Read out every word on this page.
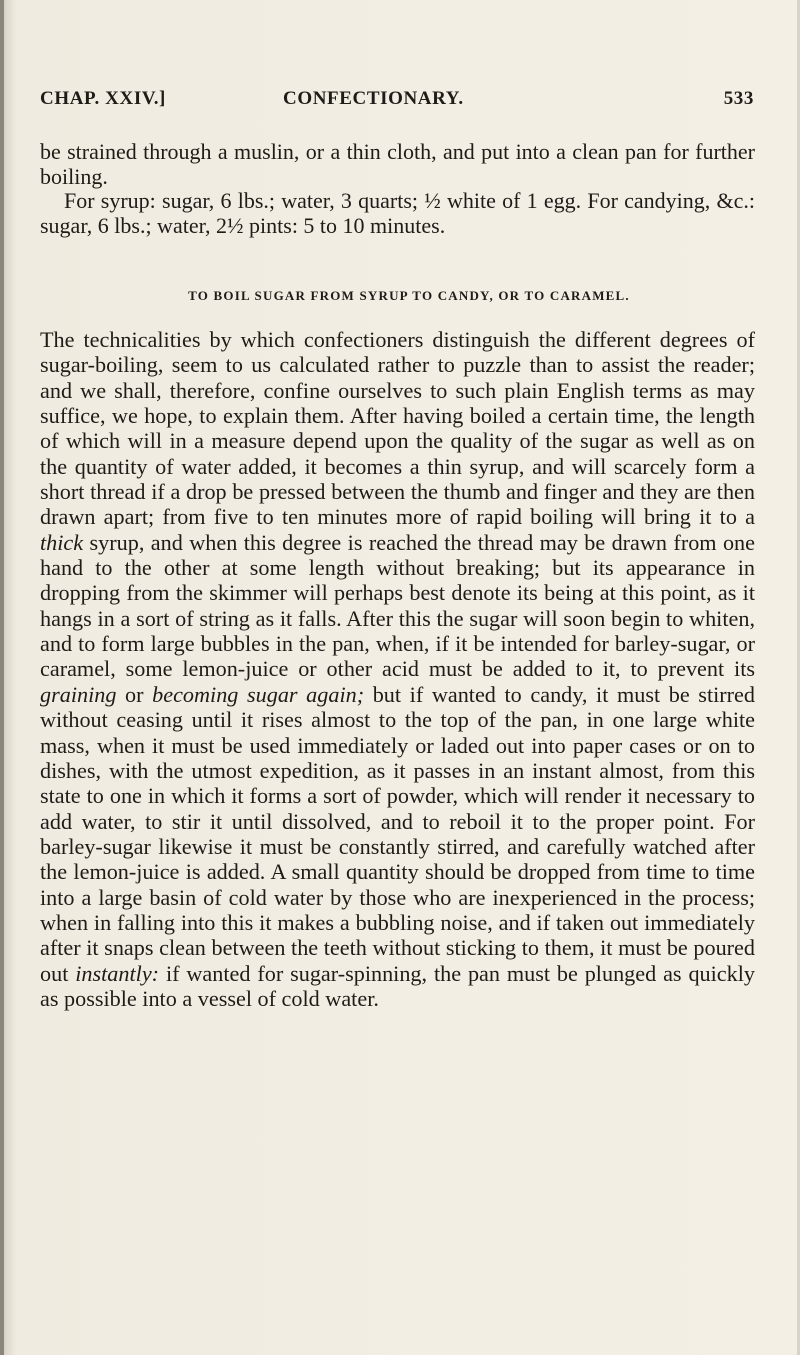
CHAP. XXIV.]	CONFECTIONARY.	533
be strained through a muslin, or a thin cloth, and put into a clean pan for further boiling.
For syrup: sugar, 6 lbs.; water, 3 quarts; ½ white of 1 egg. For candying, &c.: sugar, 6 lbs.; water, 2½ pints: 5 to 10 minutes.
TO BOIL SUGAR FROM SYRUP TO CANDY, OR TO CARAMEL.
The technicalities by which confectioners distinguish the different degrees of sugar-boiling, seem to us calculated rather to puzzle than to assist the reader; and we shall, therefore, confine ourselves to such plain English terms as may suffice, we hope, to explain them. After having boiled a certain time, the length of which will in a measure depend upon the quality of the sugar as well as on the quantity of water added, it becomes a thin syrup, and will scarcely form a short thread if a drop be pressed between the thumb and finger and they are then drawn apart; from five to ten minutes more of rapid boiling will bring it to a thick syrup, and when this degree is reached the thread may be drawn from one hand to the other at some length without breaking; but its appearance in dropping from the skimmer will perhaps best denote its being at this point, as it hangs in a sort of string as it falls. After this the sugar will soon begin to whiten, and to form large bubbles in the pan, when, if it be intended for barley-sugar, or caramel, some lemon-juice or other acid must be added to it, to prevent its graining or becoming sugar again; but if wanted to candy, it must be stirred without ceasing until it rises almost to the top of the pan, in one large white mass, when it must be used immediately or laded out into paper cases or on to dishes, with the utmost expedition, as it passes in an instant almost, from this state to one in which it forms a sort of powder, which will render it necessary to add water, to stir it until dissolved, and to reboil it to the proper point. For barley-sugar likewise it must be constantly stirred, and carefully watched after the lemon-juice is added. A small quantity should be dropped from time to time into a large basin of cold water by those who are inexperienced in the process; when in falling into this it makes a bubbling noise, and if taken out immediately after it snaps clean between the teeth without sticking to them, it must be poured out instantly: if wanted for sugar-spinning, the pan must be plunged as quickly as possible into a vessel of cold water.
